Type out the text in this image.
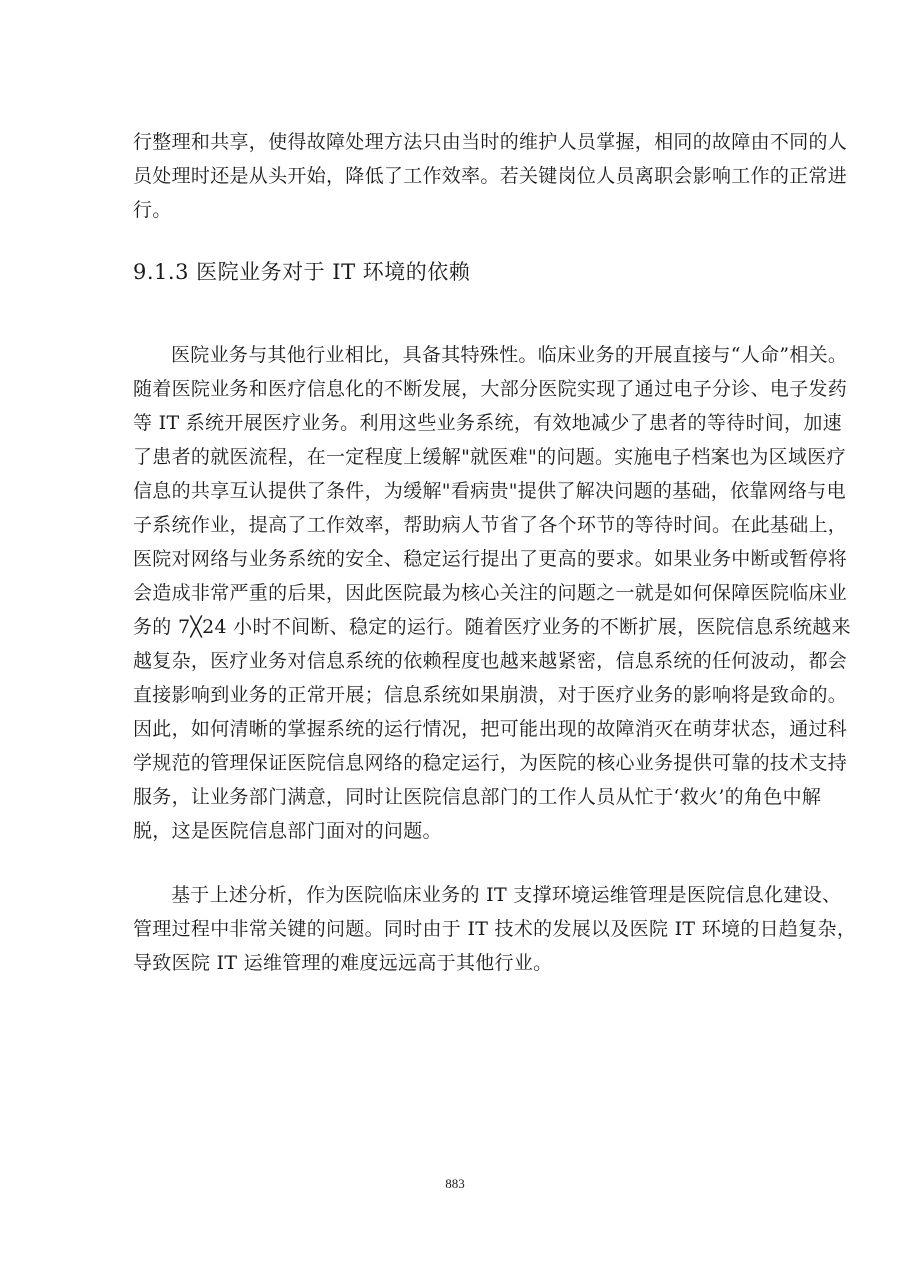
行整理和共享，使得故障处理方法只由当时的维护人员掌握，相同的故障由不同的人
员处理时还是从头开始，降低了工作效率。若关键岗位人员离职会影响工作的正常进
行。

9.1.3 医院业务对于 IT 环境的依赖

医院业务与其他行业相比，具备其特殊性。临床业务的开展直接与“人命”相关。
随着医院业务和医疗信息化的不断发展，大部分医院实现了通过电子分诊、电子发药
等 IT 系统开展医疗业务。利用这些业务系统，有效地减少了患者的等待时间，加速
了患者的就医流程，在一定程度上缓解"就医难"的问题。实施电子档案也为区域医疗
信息的共享互认提供了条件，为缓解"看病贵"提供了解决问题的基础，依靠网络与电
子系统作业，提高了工作效率，帮助病人节省了各个环节的等待时间。在此基础上，
医院对网络与业务系统的安全、稳定运行提出了更高的要求。如果业务中断或暂停将
会造成非常严重的后果，因此医院最为核心关注的问题之一就是如何保障医院临床业
务的 7╳24 小时不间断、稳定的运行。随着医疗业务的不断扩展，医院信息系统越来
越复杂，医疗业务对信息系统的依赖程度也越来越紧密，信息系统的任何波动，都会
直接影响到业务的正常开展；信息系统如果崩溃，对于医疗业务的影响将是致命的。
因此，如何清晰的掌握系统的运行情况，把可能出现的故障消灭在萌芽状态，通过科
学规范的管理保证医院信息网络的稳定运行，为医院的核心业务提供可靠的技术支持
服务，让业务部门满意，同时让医院信息部门的工作人员从忙于‘救火’的角色中解
脱，这是医院信息部门面对的问题。

基于上述分析，作为医院临床业务的 IT 支撑环境运维管理是医院信息化建设、
管理过程中非常关键的问题。同时由于 IT 技术的发展以及医院 IT 环境的日趋复杂，
导致医院 IT 运维管理的难度远远高于其他行业。

883
